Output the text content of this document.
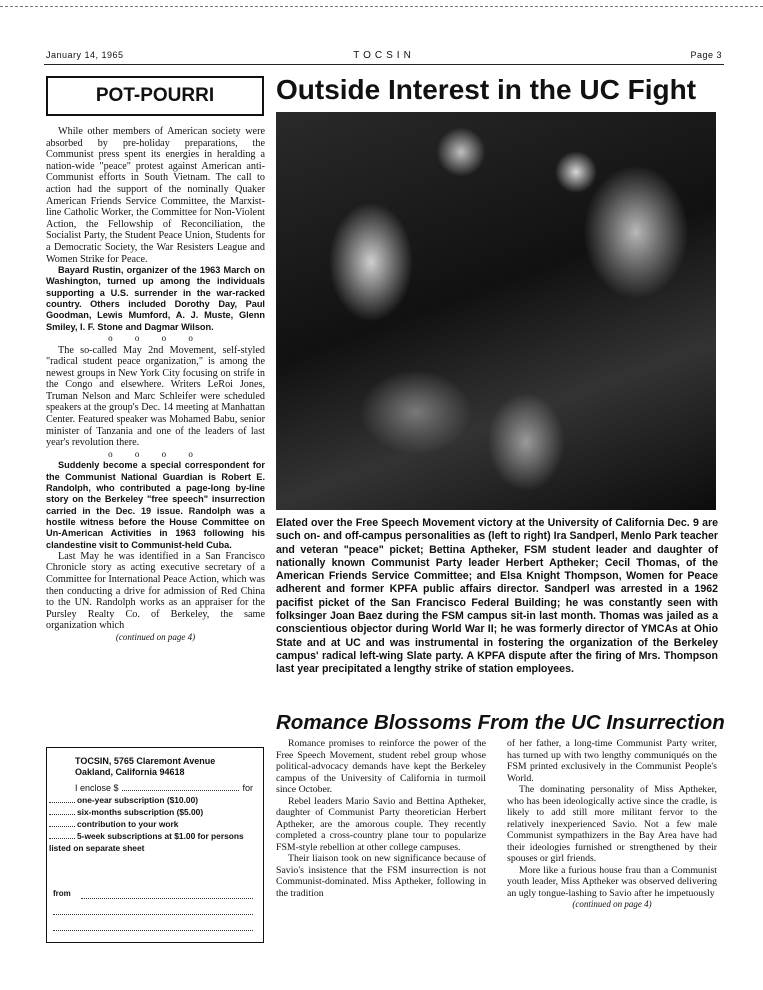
January 14, 1965	TOCSIN	Page 3
POT-POURRI

While other members of American society were absorbed by pre-holiday preparations, the Communist press spent its energies in heralding a nation-wide "peace" protest against American anti-Communist efforts in South Vietnam. The call to action had the support of the nominally Quaker American Friends Service Committee, the Marxist-line Catholic Worker, the Committee for Non-Violent Action, the Fellowship of Reconciliation, the Socialist Party, the Student Peace Union, Students for a Democratic Society, the War Resisters League and Women Strike for Peace.

Bayard Rustin, organizer of the 1963 March on Washington, turned up among the individuals supporting a U.S. surrender in the war-racked country. Others included Dorothy Day, Paul Goodman, Lewis Mumford, A. J. Muste, Glenn Smiley, I. F. Stone and Dagmar Wilson.

o o o o

The so-called May 2nd Movement, self-styled "radical student peace organization," is among the newest groups in New York City focusing on strife in the Congo and elsewhere. Writers LeRoi Jones, Truman Nelson and Marc Schleifer were scheduled speakers at the group's Dec. 14 meeting at Manhattan Center. Featured speaker was Mohamed Babu, senior minister of Tanzania and one of the leaders of last year's revolution there.

o o o o

Suddenly become a special correspondent for the Communist National Guardian is Robert E. Randolph, who contributed a page-long by-line story on the Berkeley "free speech" insurrection carried in the Dec. 19 issue. Randolph was a hostile witness before the House Committee on Un-American Activities in 1963 following his clandestine visit to Communist-held Cuba.

Last May he was identified in a San Francisco Chronicle story as acting executive secretary of a Committee for International Peace Action, which was then conducting a drive for admission of Red China to the UN. Randolph works as an appraiser for the Pursley Realty Co. of Berkeley, the same organization which

(continued on page 4)

TOCSIN, 5765 Claremont Avenue
Oakland, California 94618
I enclose $	for
one-year subscription ($10.00)
six-months subscription ($5.00)
contribution to your work
5-week subscriptions at $1.00 for persons listed on separate sheet
from
Outside Interest in the UC Fight

Elated over the Free Speech Movement victory at the University of California Dec. 9 are such on- and off-campus personalities as (left to right) Ira Sandperl, Menlo Park teacher and veteran "peace" picket; Bettina Aptheker, FSM student leader and daughter of nationally known Communist Party leader Herbert Aptheker; Cecil Thomas, of the American Friends Service Committee; and Elsa Knight Thompson, Women for Peace adherent and former KPFA public affairs director. Sandperl was arrested in a 1962 pacifist picket of the San Francisco Federal Building; he was constantly seen with folksinger Joan Baez during the FSM campus sit-in last month. Thomas was jailed as a conscientious objector during World War II; he was formerly director of YMCAs at Ohio State and at UC and was instrumental in fostering the organization of the Berkeley campus' radical left-wing Slate party. A KPFA dispute after the firing of Mrs. Thompson last year precipitated a lengthy strike of station employees.

Romance Blossoms From the UC Insurrection

Romance promises to reinforce the power of the Free Speech Movement, student rebel group whose political-advocacy demands have kept the Berkeley campus of the University of California in turmoil since October.

Rebel leaders Mario Savio and Bettina Aptheker, daughter of Communist Party theoretician Herbert Aptheker, are the amorous couple. They recently completed a cross-country plane tour to popularize FSM-style rebellion at other college campuses.

Their liaison took on new significance because of Savio's insistence that the FSM insurrection is not Communist-dominated. Miss Aptheker, following in the tradition

of her father, a long-time Communist Party writer, has turned up with two lengthy communiqués on the FSM printed exclusively in the Communist People's World.

The dominating personality of Miss Aptheker, who has been ideologically active since the cradle, is likely to add still more militant fervor to the relatively inexperienced Savio. Not a few male Communist sympathizers in the Bay Area have had their ideologies furnished or strengthened by their spouses or girl friends.

More like a furious house frau than a Communist youth leader, Miss Aptheker was observed delivering an ugly tongue-lashing to Savio after he impetuously

(continued on page 4)
